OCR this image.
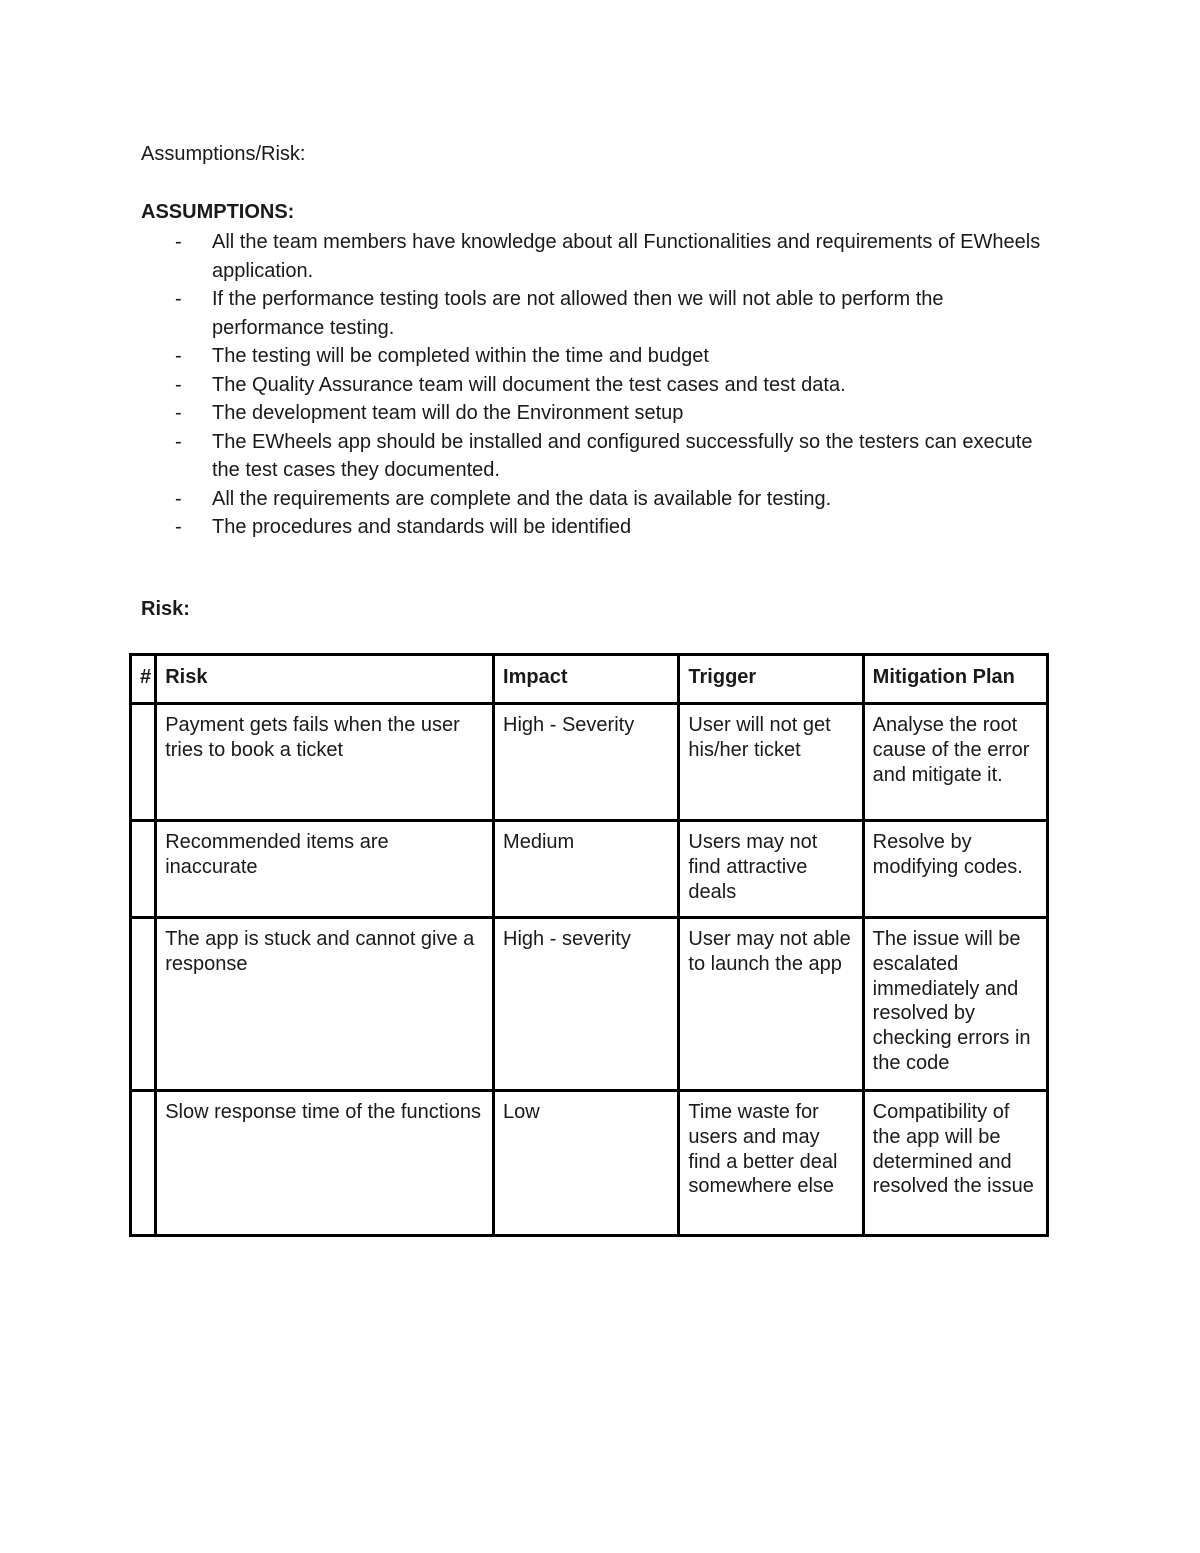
Assumptions/Risk:
ASSUMPTIONS:
- All the team members have knowledge about all Functionalities and requirements of EWheels application.
- If the performance testing tools are not allowed then we will not able to perform the performance testing.
- The testing will be completed within the time and budget
- The Quality Assurance team will document the test cases and test data.
- The development team will do the Environment setup
- The EWheels app should be installed and configured successfully so the testers can execute the test cases they documented.
- All the requirements are complete and the data is available for testing.
- The procedures and standards will be identified
Risk:
#	Risk	Impact	Trigger	Mitigation Plan
	Payment gets fails when the user tries to book a ticket	High - Severity	User will not get his/her ticket	Analyse the root cause of the error and mitigate it.
	Recommended items are inaccurate	Medium	Users may not find attractive deals	Resolve by modifying codes.
	The app is stuck and cannot give a response	High - severity	User may not able to launch the app	The issue will be escalated immediately and resolved by checking errors in the code
	Slow response time of the functions	Low	Time waste for users and may find a better deal somewhere else	Compatibility of the app will be determined and resolved the issue
